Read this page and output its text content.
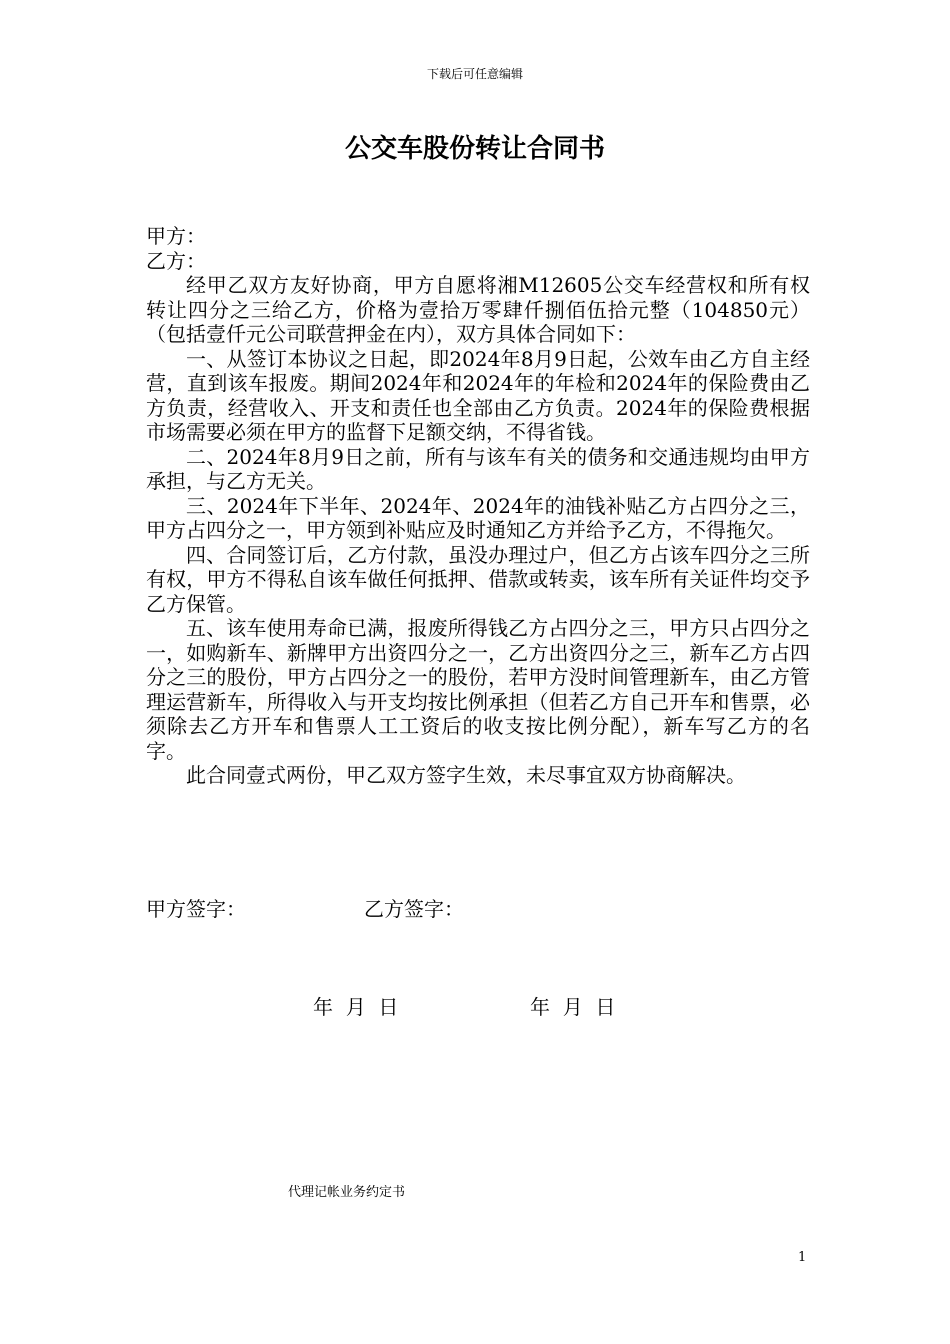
下载后可任意编辑
公交车股份转让合同书

甲方：

乙方：

经甲乙双方友好协商，甲方自愿将湘M12605公交车经营权和所有权转让四分之三给乙方，价格为壹拾万零肆仟捌佰伍拾元整（104850元）（包括壹仟元公司联营押金在内），双方具体合同如下：

一、从签订本协议之日起，即2024年8月9日起，公效车由乙方自主经营，直到该车报废。期间2024年和2024年的年检和2024年的保险费由乙方负责，经营收入、开支和责任也全部由乙方负责。2024年的保险费根据市场需要必须在甲方的监督下足额交纳，不得省钱。

二、2024年8月9日之前，所有与该车有关的债务和交通违规均由甲方承担，与乙方无关。

三、2024年下半年、2024年、2024年的油钱补贴乙方占四分之三，甲方占四分之一，甲方领到补贴应及时通知乙方并给予乙方，不得拖欠。

四、合同签订后，乙方付款，虽没办理过户，但乙方占该车四分之三所有权，甲方不得私自该车做任何抵押、借款或转卖，该车所有关证件均交予乙方保管。

五、该车使用寿命已满，报废所得钱乙方占四分之三，甲方只占四分之一，如购新车、新牌甲方出资四分之一，乙方出资四分之三，新车乙方占四分之三的股份，甲方占四分之一的股份，若甲方没时间管理新车，由乙方管理运营新车，所得收入与开支均按比例承担（但若乙方自己开车和售票，必须除去乙方开车和售票人工工资后的收支按比例分配），新车写乙方的名字。

此合同壹式两份，甲乙双方签字生效，未尽事宜双方协商解决。

甲方签字：	乙方签字：
年  月  日	年  月  日
代理记帐业务约定书
1
